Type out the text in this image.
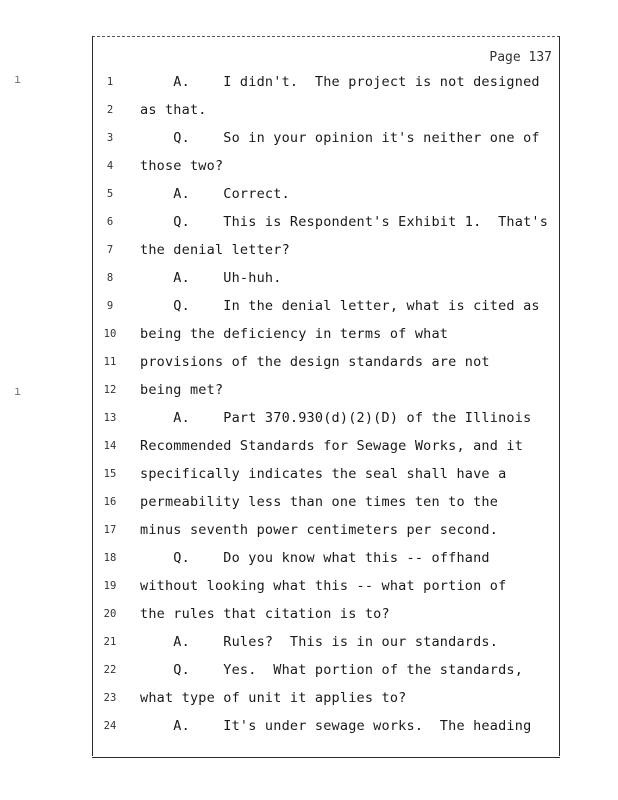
Page 137
ı
ı
1	A.    I didn't.  The project is not designed
2	as that.
3	Q.    So in your opinion it's neither one of
4	those two?
5	A.    Correct.
6	Q.    This is Respondent's Exhibit 1.  That's
7	the denial letter?
8	A.    Uh-huh.
9	Q.    In the denial letter, what is cited as
10 being the deficiency in terms of what
11 provisions of the design standards are not
12 being met?
13 A.    Part 370.930(d)(2)(D) of the Illinois
14 Recommended Standards for Sewage Works, and it
15 specifically indicates the seal shall have a
16 permeability less than one times ten to the
17 minus seventh power centimeters per second.
18 Q.    Do you know what this -- offhand
19 without looking what this -- what portion of
20 the rules that citation is to?
21 A.    Rules?  This is in our standards.
22 Q.    Yes.  What portion of the standards,
23 what type of unit it applies to?
24 A.    It's under sewage works.  The heading
